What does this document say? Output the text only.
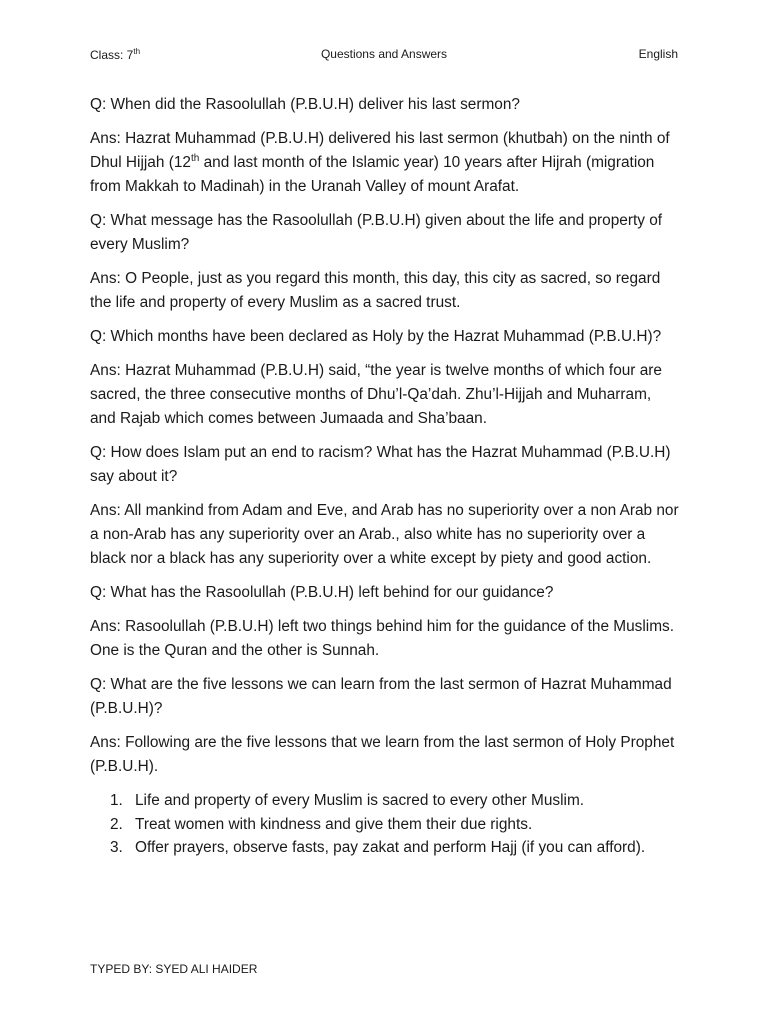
Class: 7th	Questions and Answers	English

Q: When did the Rasoolullah (P.B.U.H) deliver his last sermon?

Ans: Hazrat Muhammad (P.B.U.H) delivered his last sermon (khutbah) on the ninth of Dhul Hijjah (12th and last month of the Islamic year) 10 years after Hijrah (migration from Makkah to Madinah) in the Uranah Valley of mount Arafat.

Q: What message has the Rasoolullah (P.B.U.H) given about the life and property of every Muslim?

Ans: O People, just as you regard this month, this day, this city as sacred, so regard the life and property of every Muslim as a sacred trust.

Q: Which months have been declared as Holy by the Hazrat Muhammad (P.B.U.H)?

Ans: Hazrat Muhammad (P.B.U.H) said, “the year is twelve months of which four are sacred, the three consecutive months of Dhu’l-Qa’dah. Zhu’l-Hijjah and Muharram, and Rajab which comes between Jumaada and Sha’baan.

Q: How does Islam put an end to racism? What has the Hazrat Muhammad (P.B.U.H) say about it?

Ans: All mankind from Adam and Eve, and Arab has no superiority over a non Arab nor a non-Arab has any superiority over an Arab., also white has no superiority over a black nor a black has any superiority over a white except by piety and good action.

Q: What has the Rasoolullah (P.B.U.H) left behind for our guidance?

Ans: Rasoolullah (P.B.U.H) left two things behind him for the guidance of the Muslims. One is the Quran and the other is Sunnah.

Q: What are the five lessons we can learn from the last sermon of Hazrat Muhammad (P.B.U.H)?

Ans: Following are the five lessons that we learn from the last sermon of Holy Prophet (P.B.U.H).

1. Life and property of every Muslim is sacred to every other Muslim.
2. Treat women with kindness and give them their due rights.
3. Offer prayers, observe fasts, pay zakat and perform Hajj (if you can afford).
TYPED BY: SYED ALI HAIDER
